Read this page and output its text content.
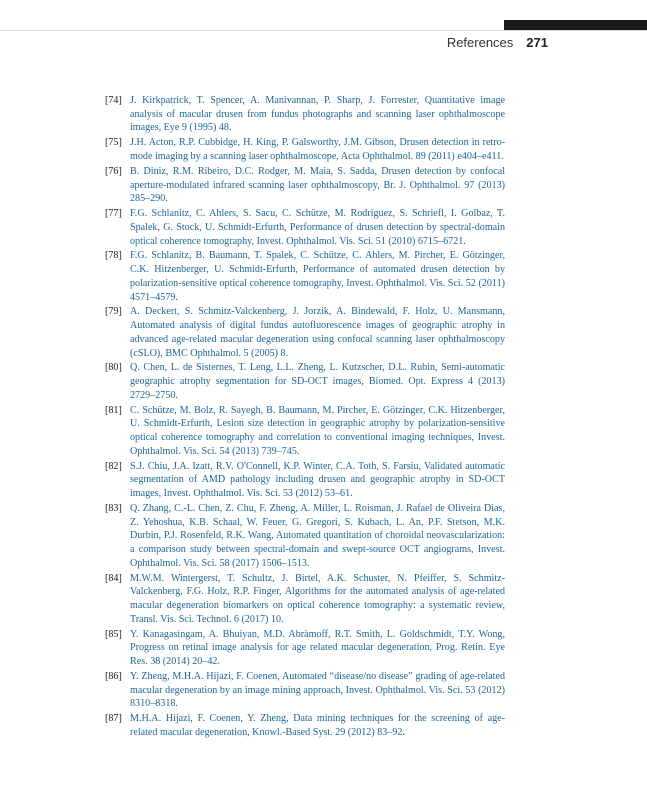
References 271
[74] J. Kirkpatrick, T. Spencer, A. Manivannan, P. Sharp, J. Forrester, Quantitative image analysis of macular drusen from fundus photographs and scanning laser ophthalmoscope images, Eye 9 (1995) 48.
[75] J.H. Acton, R.P. Cubbidge, H. King, P. Galsworthy, J.M. Gibson, Drusen detection in retro-mode imaging by a scanning laser ophthalmoscope, Acta Ophthalmol. 89 (2011) e404–e411.
[76] B. Diniz, R.M. Ribeiro, D.C. Rodger, M. Maia, S. Sadda, Drusen detection by confocal aperture-modulated infrared scanning laser ophthalmoscopy, Br. J. Ophthalmol. 97 (2013) 285–290.
[77] F.G. Schlanitz, C. Ahlers, S. Sacu, C. Schütze, M. Rodriguez, S. Schriefl, I. Golbaz, T. Spalek, G. Stock, U. Schmidt-Erfurth, Performance of drusen detection by spectral-domain optical coherence tomography, Invest. Ophthalmol. Vis. Sci. 51 (2010) 6715–6721.
[78] F.G. Schlanitz, B. Baumann, T. Spalek, C. Schütze, C. Ahlers, M. Pircher, E. Götzinger, C.K. Hitzenberger, U. Schmidt-Erfurth, Performance of automated drusen detection by polarization-sensitive optical coherence tomography, Invest. Ophthalmol. Vis. Sci. 52 (2011) 4571–4579.
[79] A. Deckert, S. Schmitz-Valckenberg, J. Jorzik, A. Bindewald, F. Holz, U. Mansmann, Automated analysis of digital fundus autofluorescence images of geographic atrophy in advanced age-related macular degeneration using confocal scanning laser ophthalmoscopy (cSLO), BMC Ophthalmol. 5 (2005) 8.
[80] Q. Chen, L. de Sisternes, T. Leng, L.L. Zheng, L. Kutzscher, D.L. Rubin, Semi-automatic geographic atrophy segmentation for SD-OCT images, Biomed. Opt. Express 4 (2013) 2729–2750.
[81] C. Schütze, M. Bolz, R. Sayegh, B. Baumann, M. Pircher, E. Götzinger, C.K. Hitzenberger, U. Schmidt-Erfurth, Lesion size detection in geographic atrophy by polarization-sensitive optical coherence tomography and correlation to conventional imaging techniques, Invest. Ophthalmol. Vis. Sci. 54 (2013) 739–745.
[82] S.J. Chiu, J.A. Izatt, R.V. O'Connell, K.P. Winter, C.A. Toth, S. Farsiu, Validated automatic segmentation of AMD pathology including drusen and geographic atrophy in SD-OCT images, Invest. Ophthalmol. Vis. Sci. 53 (2012) 53–61.
[83] Q. Zhang, C.-L. Chen, Z. Chu, F. Zheng, A. Miller, L. Roisman, J. Rafael de Oliveira Dias, Z. Yehoshua, K.B. Schaal, W. Feuer, G. Gregori, S. Kubach, L. An, P.F. Stetson, M.K. Durbin, P.J. Rosenfeld, R.K. Wang, Automated quantitation of choroidal neovascularization: a comparison study between spectral-domain and swept-source OCT angiograms, Invest. Ophthalmol. Vis. Sci. 58 (2017) 1506–1513.
[84] M.W.M. Wintergerst, T. Schultz, J. Birtel, A.K. Schuster, N. Pfeiffer, S. Schmitz-Valckenberg, F.G. Holz, R.P. Finger, Algorithms for the automated analysis of age-related macular degeneration biomarkers on optical coherence tomography: a systematic review, Transl. Vis. Sci. Technol. 6 (2017) 10.
[85] Y. Kanagasingam, A. Bhuiyan, M.D. Abràmoff, R.T. Smith, L. Goldschmidt, T.Y. Wong, Progress on retinal image analysis for age related macular degeneration, Prog. Retin. Eye Res. 38 (2014) 20–42.
[86] Y. Zheng, M.H.A. Hijazi, F. Coenen, Automated “disease/no disease” grading of age-related macular degeneration by an image mining approach, Invest. Ophthalmol. Vis. Sci. 53 (2012) 8310–8318.
[87] M.H.A. Hijazi, F. Coenen, Y. Zheng, Data mining techniques for the screening of age-related macular degeneration, Knowl.-Based Syst. 29 (2012) 83–92.
